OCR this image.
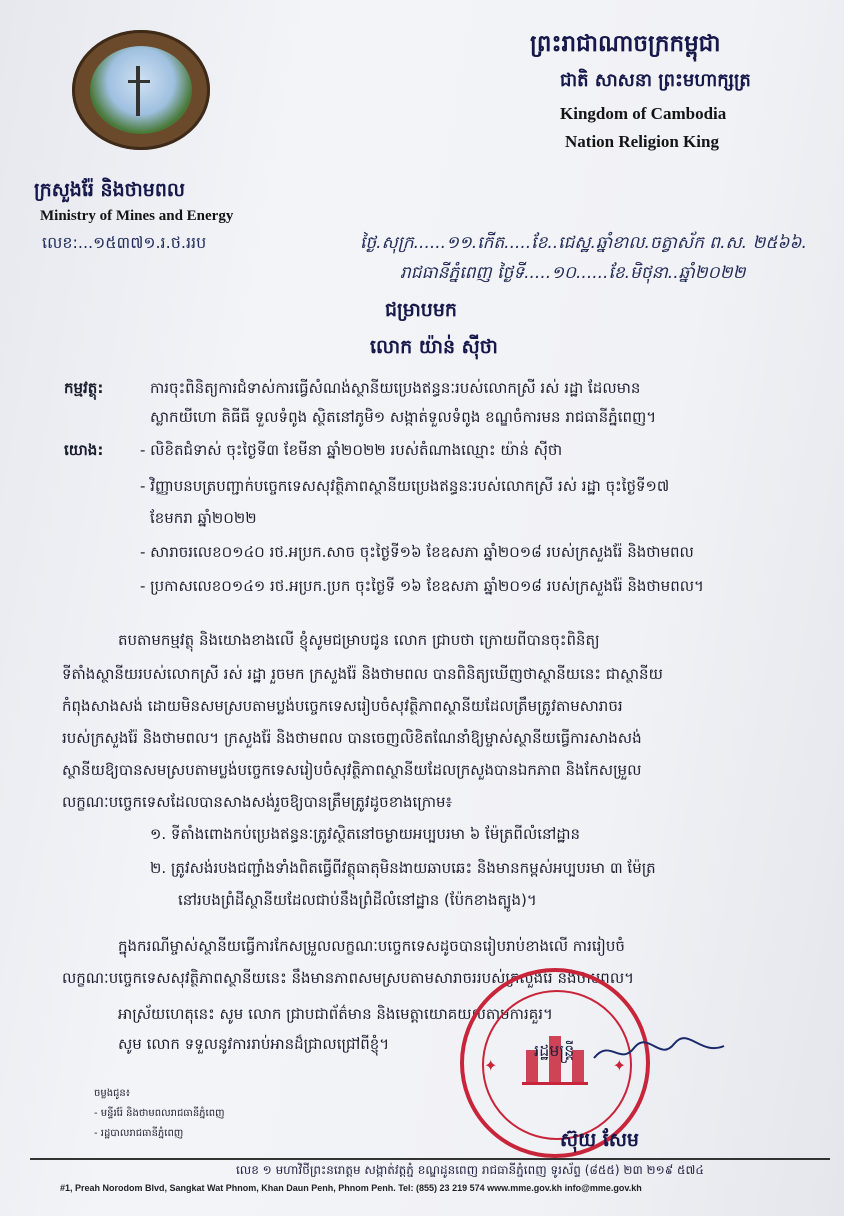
ក្រសួងរ៉ែ និងថាមពល
Ministry of Mines and Energy
លេខ:...១៥៣៧១.រ.ថ.ររប
ព្រះរាជាណាចក្រកម្ពុជា
ជាតិ សាសនា ព្រះមហាក្សត្រ
Kingdom of Cambodia
Nation Religion King
ថ្ងៃ.សុក្រ......១១.កើត.....ខែ..ជេស្ឋ.ឆ្នាំខាល.ចត្វាស័ក ព.ស. ២៥៦៦.
រាជធានីភ្នំពេញ ថ្ងៃទី.....១០......ខែ.មិថុនា..ឆ្នាំ២០២២
ជម្រាបមក
លោក យ៉ាន់ ស៊ីថា
កម្មវត្ថុ:	ការចុះពិនិត្យការជំទាស់ការធ្វើសំណង់ស្ថានីយប្រេងឥន្ធនៈរបស់លោកស្រី រស់ រដ្ឋា ដែលមាន
ស្លាកយីហោ តិធីធី ទួលទំពូង ស្ថិតនៅភូមិ១ សង្កាត់ទួលទំពូង ខណ្ឌចំការមន រាជធានីភ្នំពេញ។
យោង: - លិខិតជំទាស់ ចុះថ្ងៃទី៣ ខែមីនា ឆ្នាំ២០២២ របស់តំណាងឈ្មោះ យ៉ាន់ ស៊ីថា
- វិញ្ញាបនបត្របញ្ជាក់បច្ចេកទេសសុវត្ថិភាពស្ថានីយប្រេងឥន្ធនៈរបស់លោកស្រី រស់ រដ្ឋា ចុះថ្ងៃទី១៧
ខែមករា ឆ្នាំ២០២២
- សារាចរលេខ០១៤០ រថ.អប្រក.សាច ចុះថ្ងៃទី១៦ ខែឧសភា ឆ្នាំ២០១៨ របស់ក្រសួងរ៉ែ និងថាមពល
- ប្រកាសលេខ០១៤១ រថ.អប្រក.ប្រក ចុះថ្ងៃទី ១៦ ខែឧសភា ឆ្នាំ២០១៨ របស់ក្រសួងរ៉ែ និងថាមពល។
តបតាមកម្មវត្ថុ និងយោងខាងលើ ខ្ញុំសូមជម្រាបជូន លោក ជ្រាបថា ក្រោយពីបានចុះពិនិត្យ
ទីតាំងស្ថានីយរបស់លោកស្រី រស់ រដ្ឋា រួចមក ក្រសួងរ៉ែ និងថាមពល បានពិនិត្យឃើញថាស្ថានីយនេះ ជាស្ថានីយ
កំពុងសាងសង់ ដោយមិនសមស្របតាមប្លង់បច្ចេកទេសរៀបចំសុវត្ថិភាពស្ថានីយដែលត្រឹមត្រូវតាមសារាចរ
របស់ក្រសួងរ៉ែ និងថាមពល។ ក្រសួងរ៉ែ និងថាមពល បានចេញលិខិតណែនាំឱ្យម្ចាស់ស្ថានីយធ្វើការសាងសង់
ស្ថានីយឱ្យបានសមស្របតាមប្លង់បច្ចេកទេសរៀបចំសុវត្ថិភាពស្ថានីយដែលក្រសួងបានឯកភាព និងកែសម្រួល
លក្ខណៈបច្ចេកទេសដែលបានសាងសង់រួចឱ្យបានត្រឹមត្រូវដូចខាងក្រោម៖
១. ទីតាំងពោងកប់ប្រេងឥន្ធនៈត្រូវស្ថិតនៅចម្ងាយអប្បបរមា ៦ ម៉ែត្រពីលំនៅដ្ឋាន
២. ត្រូវសង់របងជញ្ជាំងទាំងពិតធ្វើពីវត្ថុធាតុមិនងាយឆាបឆេះ និងមានកម្ពស់អប្បបរមា ៣ ម៉ែត្រ
នៅរបងព្រំដីស្ថានីយដែលជាប់នឹងព្រំដីលំនៅដ្ឋាន (ប៉ែកខាងត្បូង)។
ក្នុងករណីម្ចាស់ស្ថានីយធ្វើការកែសម្រួលលក្ខណៈបច្ចេកទេសដូចបានរៀបរាប់ខាងលើ ការរៀបចំ
លក្ខណៈបច្ចេកទេសសុវត្ថិភាពស្ថានីយនេះ នឹងមានភាពសមស្របតាមសារាចររបស់ក្រសួងរ៉ែ និងថាមពល។
អាស្រ័យហេតុនេះ សូម លោក ជ្រាបជាព័ត៌មាន និងមេត្តាយោគយល់តាមការគួរ។
សូម លោក ទទួលនូវការរាប់អានដ៏ជ្រាលជ្រៅពីខ្ញុំ។
✦	✦
រដ្ឋមន្ត្រី
ស៊ុយ សែម
ចម្លងជូន៖
- មន្ទីររ៉ែ និងថាមពលរាជធានីភ្នំពេញ
- រដ្ឋបាលរាជធានីភ្នំពេញ
លេខ ១ មហាវិថីព្រះនរោត្តម សង្កាត់វត្តភ្នំ ខណ្ឌដូនពេញ រាជធានីភ្នំពេញ ទូរស័ព្ទ (៨៥៥) ២៣ ២១៩ ៥៧៤
#1, Preah Norodom Blvd, Sangkat Wat Phnom, Khan Daun Penh, Phnom Penh. Tel: (855) 23 219 574 www.mme.gov.kh info@mme.gov.kh
